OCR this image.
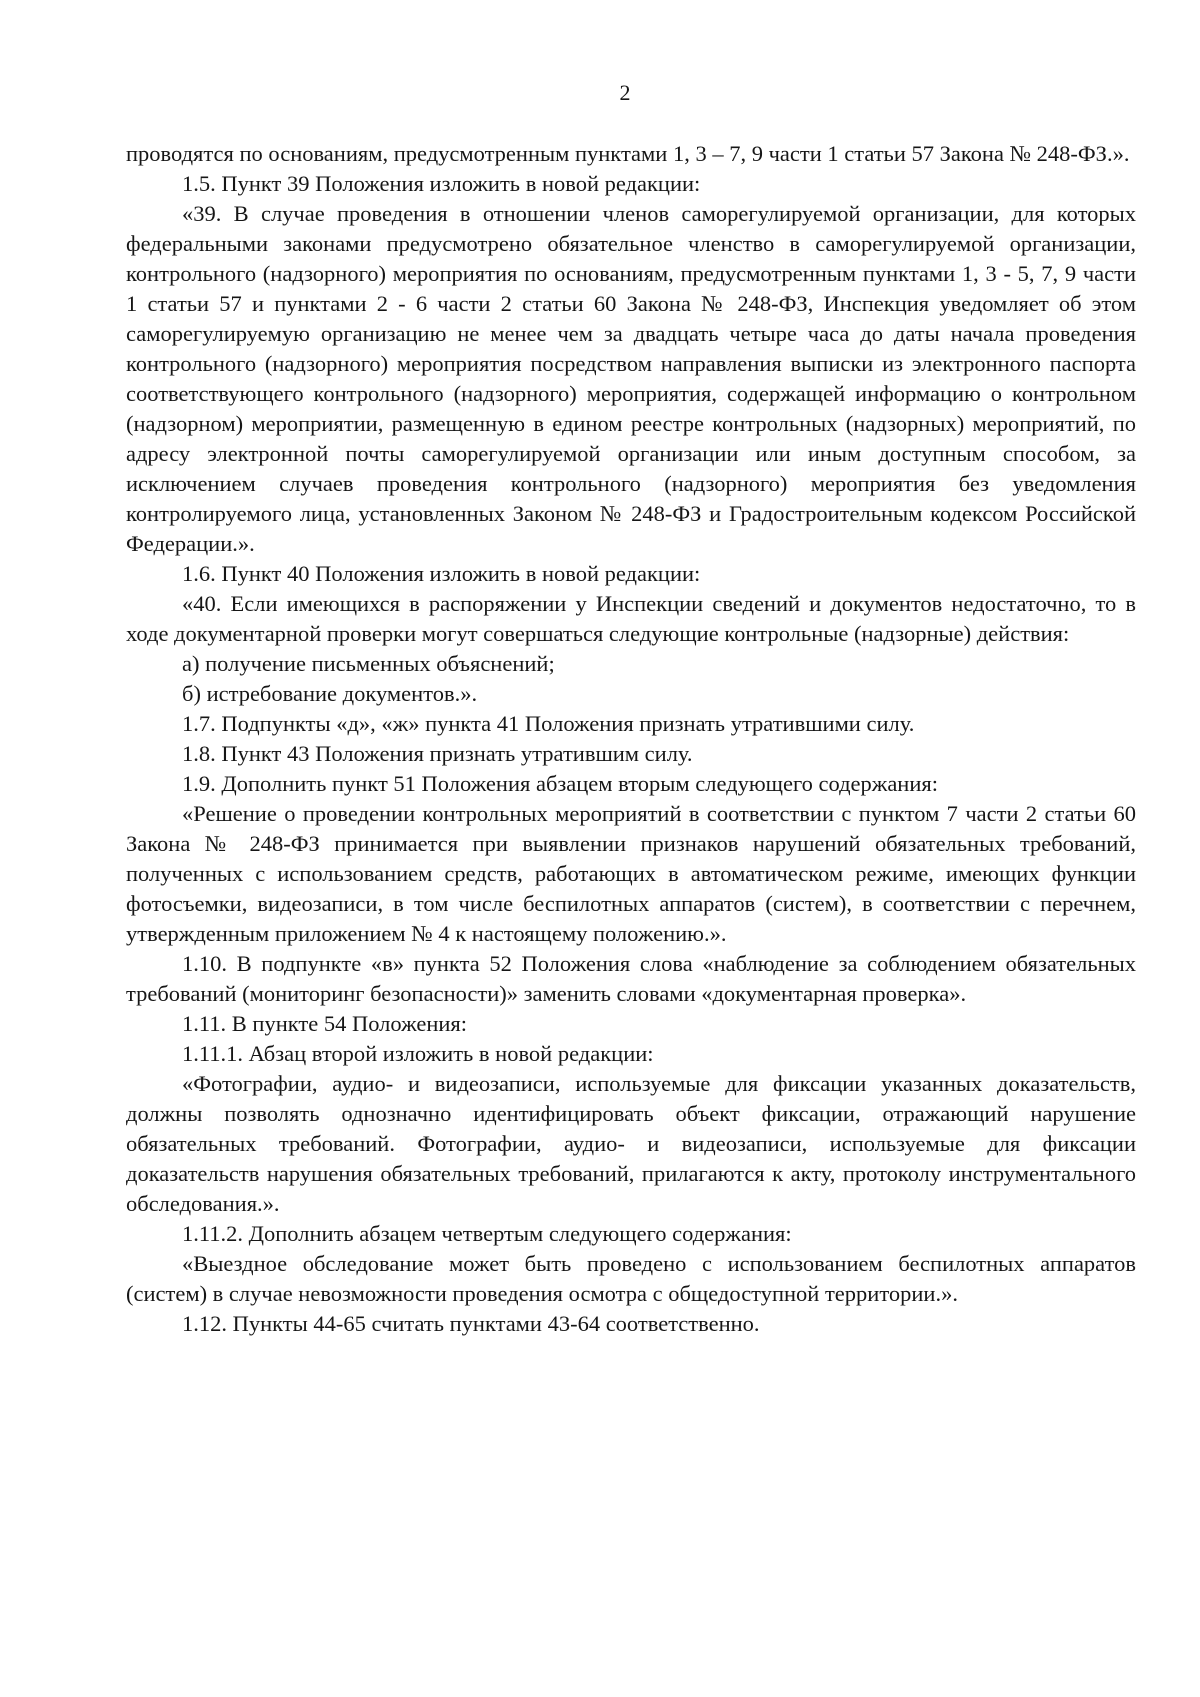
2

проводятся по основаниям, предусмотренным пунктами 1, 3 – 7, 9 части 1 статьи 57 Закона № 248-ФЗ.».

1.5. Пункт 39 Положения изложить в новой редакции:

«39. В случае проведения в отношении членов саморегулируемой организации, для которых федеральными законами предусмотрено обязательное членство в саморегулируемой организации, контрольного (надзорного) мероприятия по основаниям, предусмотренным пунктами 1, 3 - 5, 7, 9 части 1 статьи 57 и пунктами 2 - 6 части 2 статьи 60 Закона № 248-ФЗ, Инспекция уведомляет об этом саморегулируемую организацию не менее чем за двадцать четыре часа до даты начала проведения контрольного (надзорного) мероприятия посредством направления выписки из электронного паспорта соответствующего контрольного (надзорного) мероприятия, содержащей информацию о контрольном (надзорном) мероприятии, размещенную в едином реестре контрольных (надзорных) мероприятий, по адресу электронной почты саморегулируемой организации или иным доступным способом, за исключением случаев проведения контрольного (надзорного) мероприятия без уведомления контролируемого лица, установленных Законом № 248-ФЗ и Градостроительным кодексом Российской Федерации.».

1.6. Пункт 40 Положения изложить в новой редакции:

«40. Если имеющихся в распоряжении у Инспекции сведений и документов недостаточно, то в ходе документарной проверки могут совершаться следующие контрольные (надзорные) действия:

а) получение письменных объяснений;

б) истребование документов.».

1.7. Подпункты «д», «ж» пункта 41 Положения признать утратившими силу.

1.8. Пункт 43 Положения признать утратившим силу.

1.9. Дополнить пункт 51 Положения абзацем вторым следующего содержания:

«Решение о проведении контрольных мероприятий в соответствии с пунктом 7 части 2 статьи 60 Закона № 248-ФЗ принимается при выявлении признаков нарушений обязательных требований, полученных с использованием средств, работающих в автоматическом режиме, имеющих функции фотосъемки, видеозаписи, в том числе беспилотных аппаратов (систем), в соответствии с перечнем, утвержденным приложением № 4 к настоящему положению.».

1.10. В подпункте «в» пункта 52 Положения слова «наблюдение за соблюдением обязательных требований (мониторинг безопасности)» заменить словами «документарная проверка».

1.11. В пункте 54 Положения:

1.11.1. Абзац второй изложить в новой редакции:

«Фотографии, аудио- и видеозаписи, используемые для фиксации указанных доказательств, должны позволять однозначно идентифицировать объект фиксации, отражающий нарушение обязательных требований. Фотографии, аудио- и видеозаписи, используемые для фиксации доказательств нарушения обязательных требований, прилагаются к акту, протоколу инструментального обследования.».

1.11.2. Дополнить абзацем четвертым следующего содержания:

«Выездное обследование может быть проведено с использованием беспилотных аппаратов (систем) в случае невозможности проведения осмотра с общедоступной территории.».

1.12. Пункты 44-65 считать пунктами 43-64 соответственно.
